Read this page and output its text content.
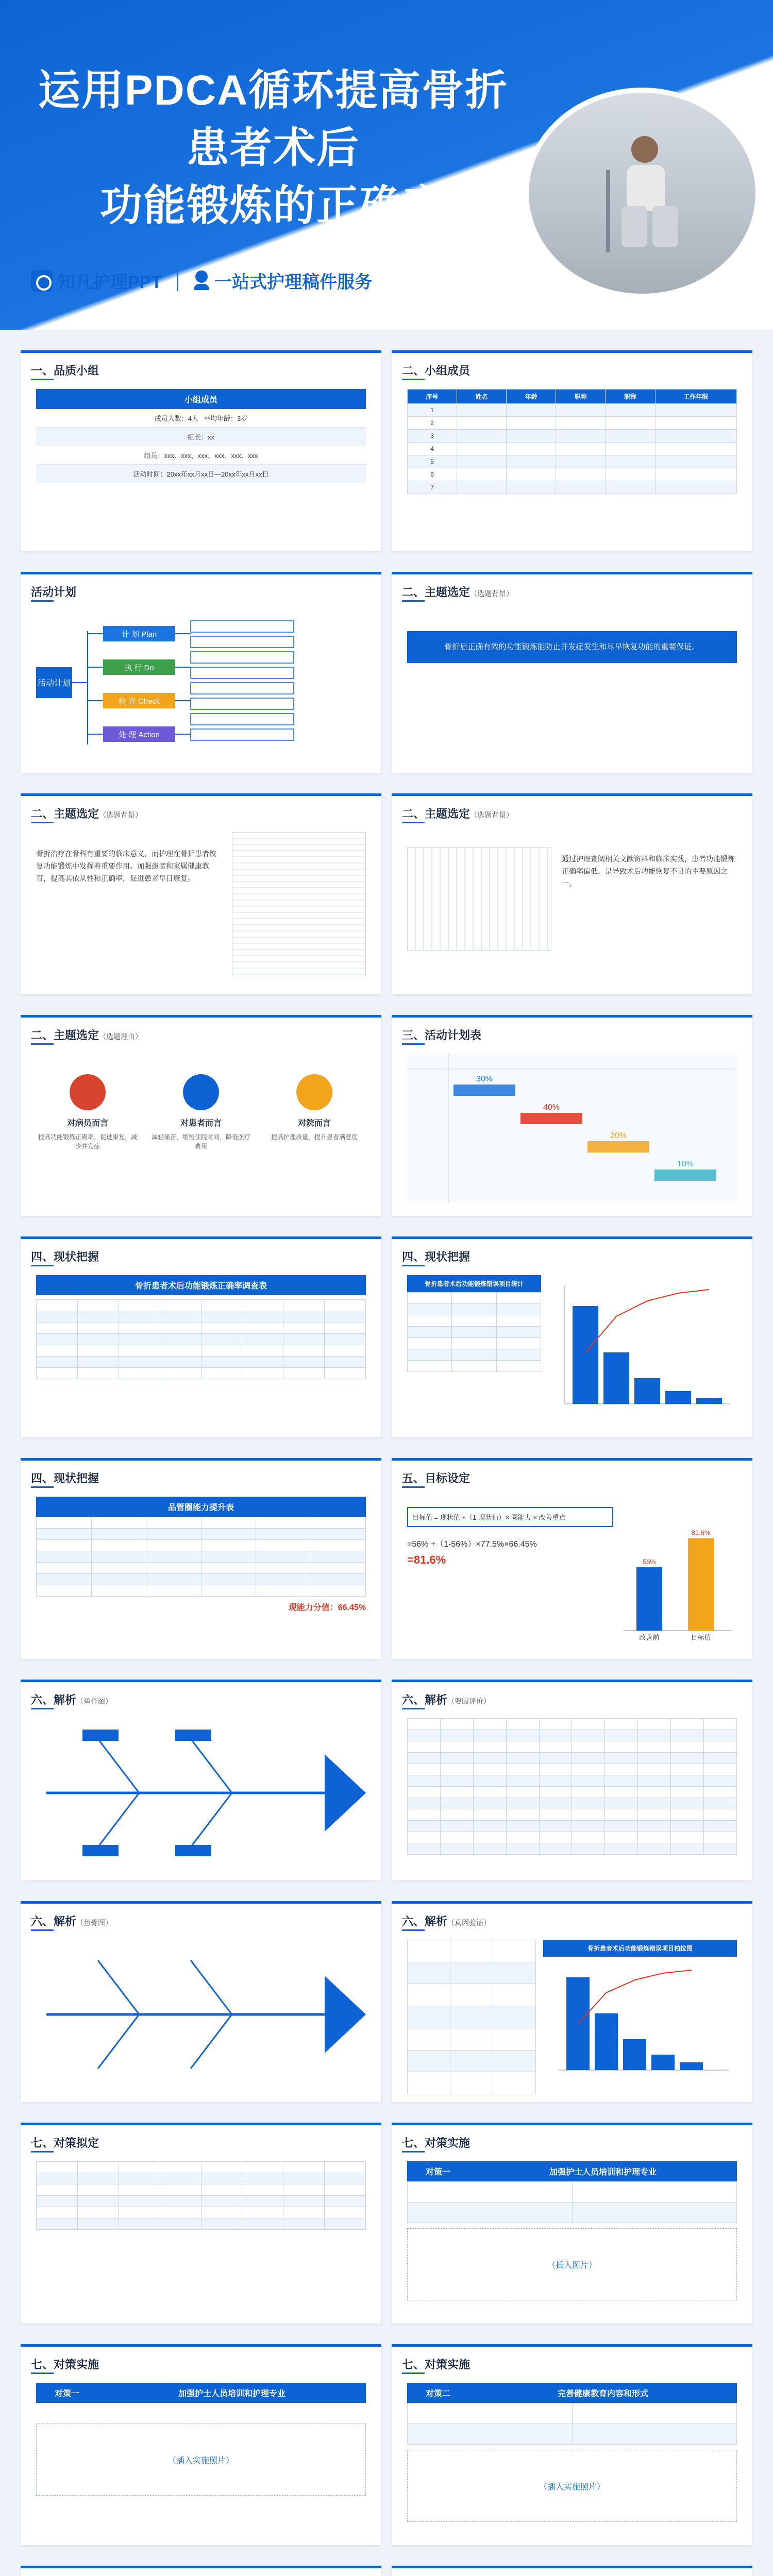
运用PDCA循环提高骨折患者术后
功能锻炼的正确率
知凡护理PPT	一站式护理稿件服务
一、品质小组
小组成员
成员人数：4人 平均年龄：3岁
组长：xx
组员：xxx、xxx、xxx、xxx、xxx、xxx
活动时间：20xx年xx月xx日—20xx年xx月xx日
二、小组成员
序号	姓名	年龄	职称	职称	工作年限
1					
2					
3					
4					
5					
6					
7					
活动计划
活动计划
计 划 Plan
执 行 Do
检 查 Check
处 理 Action
二、主题选定（选题背景）
骨折后正确有效的功能锻炼能防止并发症发生和尽早恢复功能的重要保证。
二、主题选定（选题背景）
骨折治疗在骨科有重要的临床意义，而护理在骨折患者恢复功能锻炼中发挥着重要作用。加强患者和家属健康教育，提高其依从性和正确率，促进患者早日康复。
二、主题选定（选题背景）
通过护理查阅相关文献资料和临床实践，患者功能锻炼正确率偏低，是导致术后功能恢复不良的主要原因之一。
二、主题选定（选题理由）
对病员而言
提高功能锻炼正确率，促进康复，减少并发症
对患者而言
减轻痛苦，缩短住院时间，降低医疗费用
对院而言
提高护理质量，提升患者满意度
三、活动计划表
30%
40%
20%
10%
四、现状把握
骨折患者术后功能锻炼正确率调查表

四、现状把握
骨折患者术后功能锻炼错误项目统计

四、现状把握
品管圈能力提升表

现能力分值：66.45%
五、目标设定
目标值 = 现状值 +（1-现状值）× 圈能力 × 改善重点
=56% +（1-56%）×77.5%×66.45%
=81.6%	56%
改善前
81.6%
目标值
六、解析（鱼骨图）	六、解析（要因评价）

六、解析（鱼骨图）	六、解析（真因验证）

骨折患者术后功能锻炼错误项目柏拉图
七、对策拟定

								七、对策实施
对策一	加强护士人员培训和护理专业

（插入图片）
七、对策实施
对策一	加强护士人员培训和护理专业
（插入实施照片）
七、对策实施
对策二	完善健康教育内容和形式

（插入实施照片）
